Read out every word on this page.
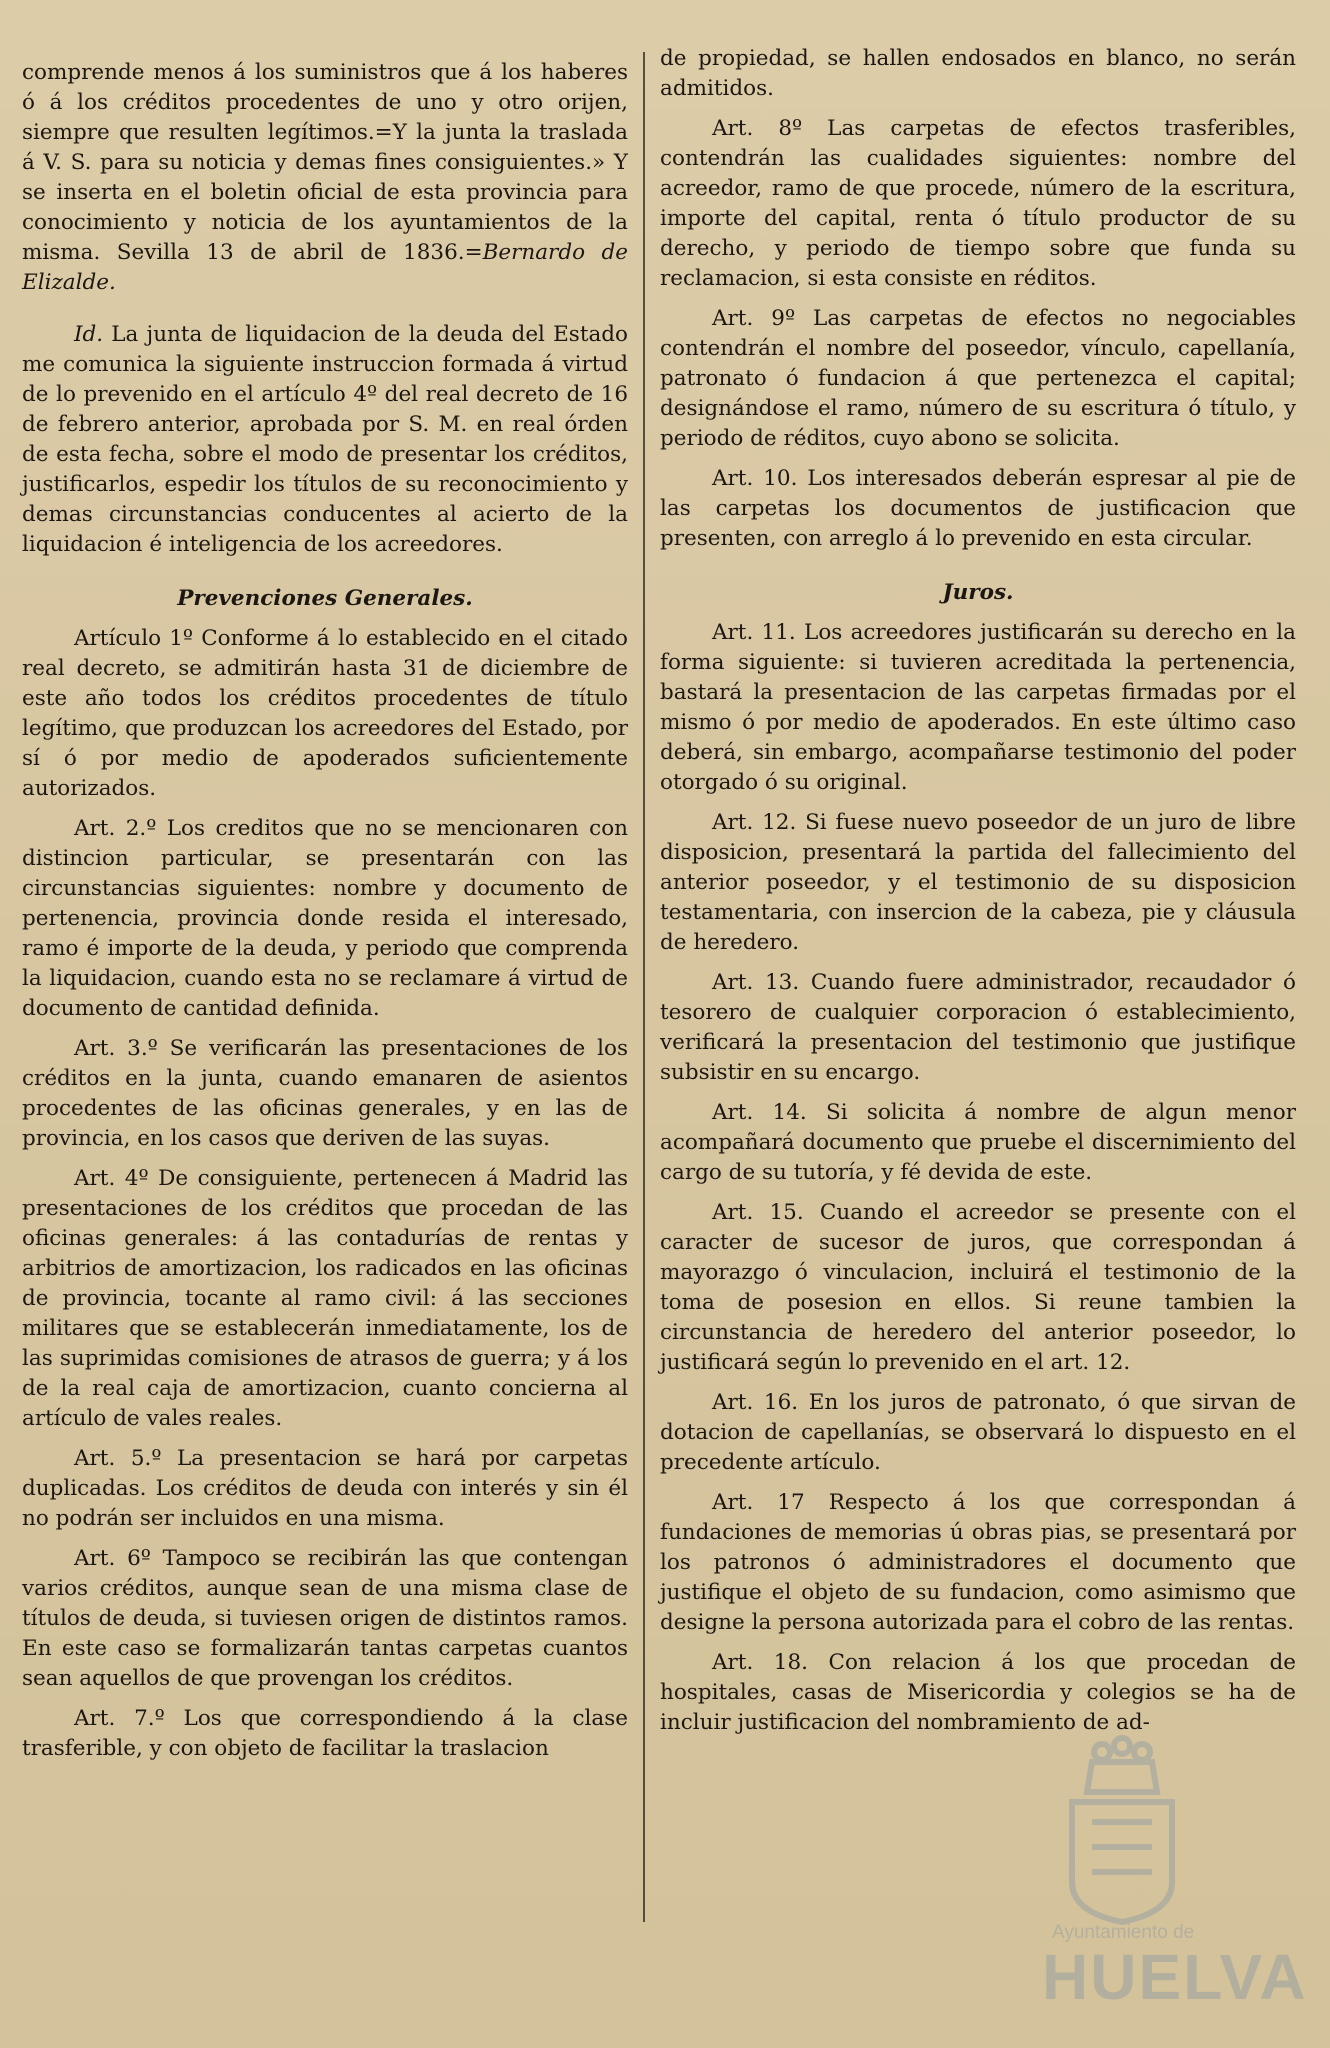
comprende menos á los suministros que á los haberes ó á los créditos procedentes de uno y otro orijen, siempre que resulten legítimos.=Y la junta la traslada á V. S. para su noticia y demas fines consiguientes.» Y se inserta en el boletin oficial de esta provincia para conocimiento y noticia de los ayuntamientos de la misma. Sevilla 13 de abril de 1836.=Bernardo de Elizalde.

Id. La junta de liquidacion de la deuda del Estado me comunica la siguiente instruccion formada á virtud de lo prevenido en el artículo 4º del real decreto de 16 de febrero anterior, aprobada por S. M. en real órden de esta fecha, sobre el modo de presentar los créditos, justificarlos, espedir los títulos de su reconocimiento y demas circunstancias conducentes al acierto de la liquidacion é inteligencia de los acreedores.

Prevenciones Generales.

Artículo 1º Conforme á lo establecido en el citado real decreto, se admitirán hasta 31 de diciembre de este año todos los créditos procedentes de título legítimo, que produzcan los acreedores del Estado, por sí ó por medio de apoderados suficientemente autorizados.

Art. 2.º Los creditos que no se mencionaren con distincion particular, se presentarán con las circunstancias siguientes: nombre y documento de pertenencia, provincia donde resida el interesado, ramo é importe de la deuda, y periodo que comprenda la liquidacion, cuando esta no se reclamare á virtud de documento de cantidad definida.

Art. 3.º Se verificarán las presentaciones de los créditos en la junta, cuando emanaren de asientos procedentes de las oficinas generales, y en las de provincia, en los casos que deriven de las suyas.

Art. 4º De consiguiente, pertenecen á Madrid las presentaciones de los créditos que procedan de las oficinas generales: á las contadurías de rentas y arbitrios de amortizacion, los radicados en las oficinas de provincia, tocante al ramo civil: á las secciones militares que se establecerán inmediatamente, los de las suprimidas comisiones de atrasos de guerra; y á los de la real caja de amortizacion, cuanto concierna al artículo de vales reales.

Art. 5.º La presentacion se hará por carpetas duplicadas. Los créditos de deuda con interés y sin él no podrán ser incluidos en una misma.

Art. 6º Tampoco se recibirán las que contengan varios créditos, aunque sean de una misma clase de títulos de deuda, si tuviesen origen de distintos ramos. En este caso se formalizarán tantas carpetas cuantos sean aquellos de que provengan los créditos.

Art. 7.º Los que correspondiendo á la clase trasferible, y con objeto de facilitar la traslacion

de propiedad, se hallen endosados en blanco, no serán admitidos.

Art. 8º Las carpetas de efectos trasferibles, contendrán las cualidades siguientes: nombre del acreedor, ramo de que procede, número de la escritura, importe del capital, renta ó título productor de su derecho, y periodo de tiempo sobre que funda su reclamacion, si esta consiste en réditos.

Art. 9º Las carpetas de efectos no negociables contendrán el nombre del poseedor, vínculo, capellanía, patronato ó fundacion á que pertenezca el capital; designándose el ramo, número de su escritura ó título, y periodo de réditos, cuyo abono se solicita.

Art. 10. Los interesados deberán espresar al pie de las carpetas los documentos de justificacion que presenten, con arreglo á lo prevenido en esta circular.

Juros.

Art. 11. Los acreedores justificarán su derecho en la forma siguiente: si tuvieren acreditada la pertenencia, bastará la presentacion de las carpetas firmadas por el mismo ó por medio de apoderados. En este último caso deberá, sin embargo, acompañarse testimonio del poder otorgado ó su original.

Art. 12. Si fuese nuevo poseedor de un juro de libre disposicion, presentará la partida del fallecimiento del anterior poseedor, y el testimonio de su disposicion testamentaria, con insercion de la cabeza, pie y cláusula de heredero.

Art. 13. Cuando fuere administrador, recaudador ó tesorero de cualquier corporacion ó establecimiento, verificará la presentacion del testimonio que justifique subsistir en su encargo.

Art. 14. Si solicita á nombre de algun menor acompañará documento que pruebe el discernimiento del cargo de su tutoría, y fé devida de este.

Art. 15. Cuando el acreedor se presente con el caracter de sucesor de juros, que correspondan á mayorazgo ó vinculacion, incluirá el testimonio de la toma de posesion en ellos. Si reune tambien la circunstancia de heredero del anterior poseedor, lo justificará según lo prevenido en el art. 12.

Art. 16. En los juros de patronato, ó que sirvan de dotacion de capellanías, se observará lo dispuesto en el precedente artículo.

Art. 17 Respecto á los que correspondan á fundaciones de memorias ú obras pias, se presentará por los patronos ó administradores el documento que justifique el objeto de su fundacion, como asimismo que designe la persona autorizada para el cobro de las rentas.

Art. 18. Con relacion á los que procedan de hospitales, casas de Misericordia y colegios se ha de incluir justificacion del nombramiento de ad-

Ayuntamiento de
HUELVA
